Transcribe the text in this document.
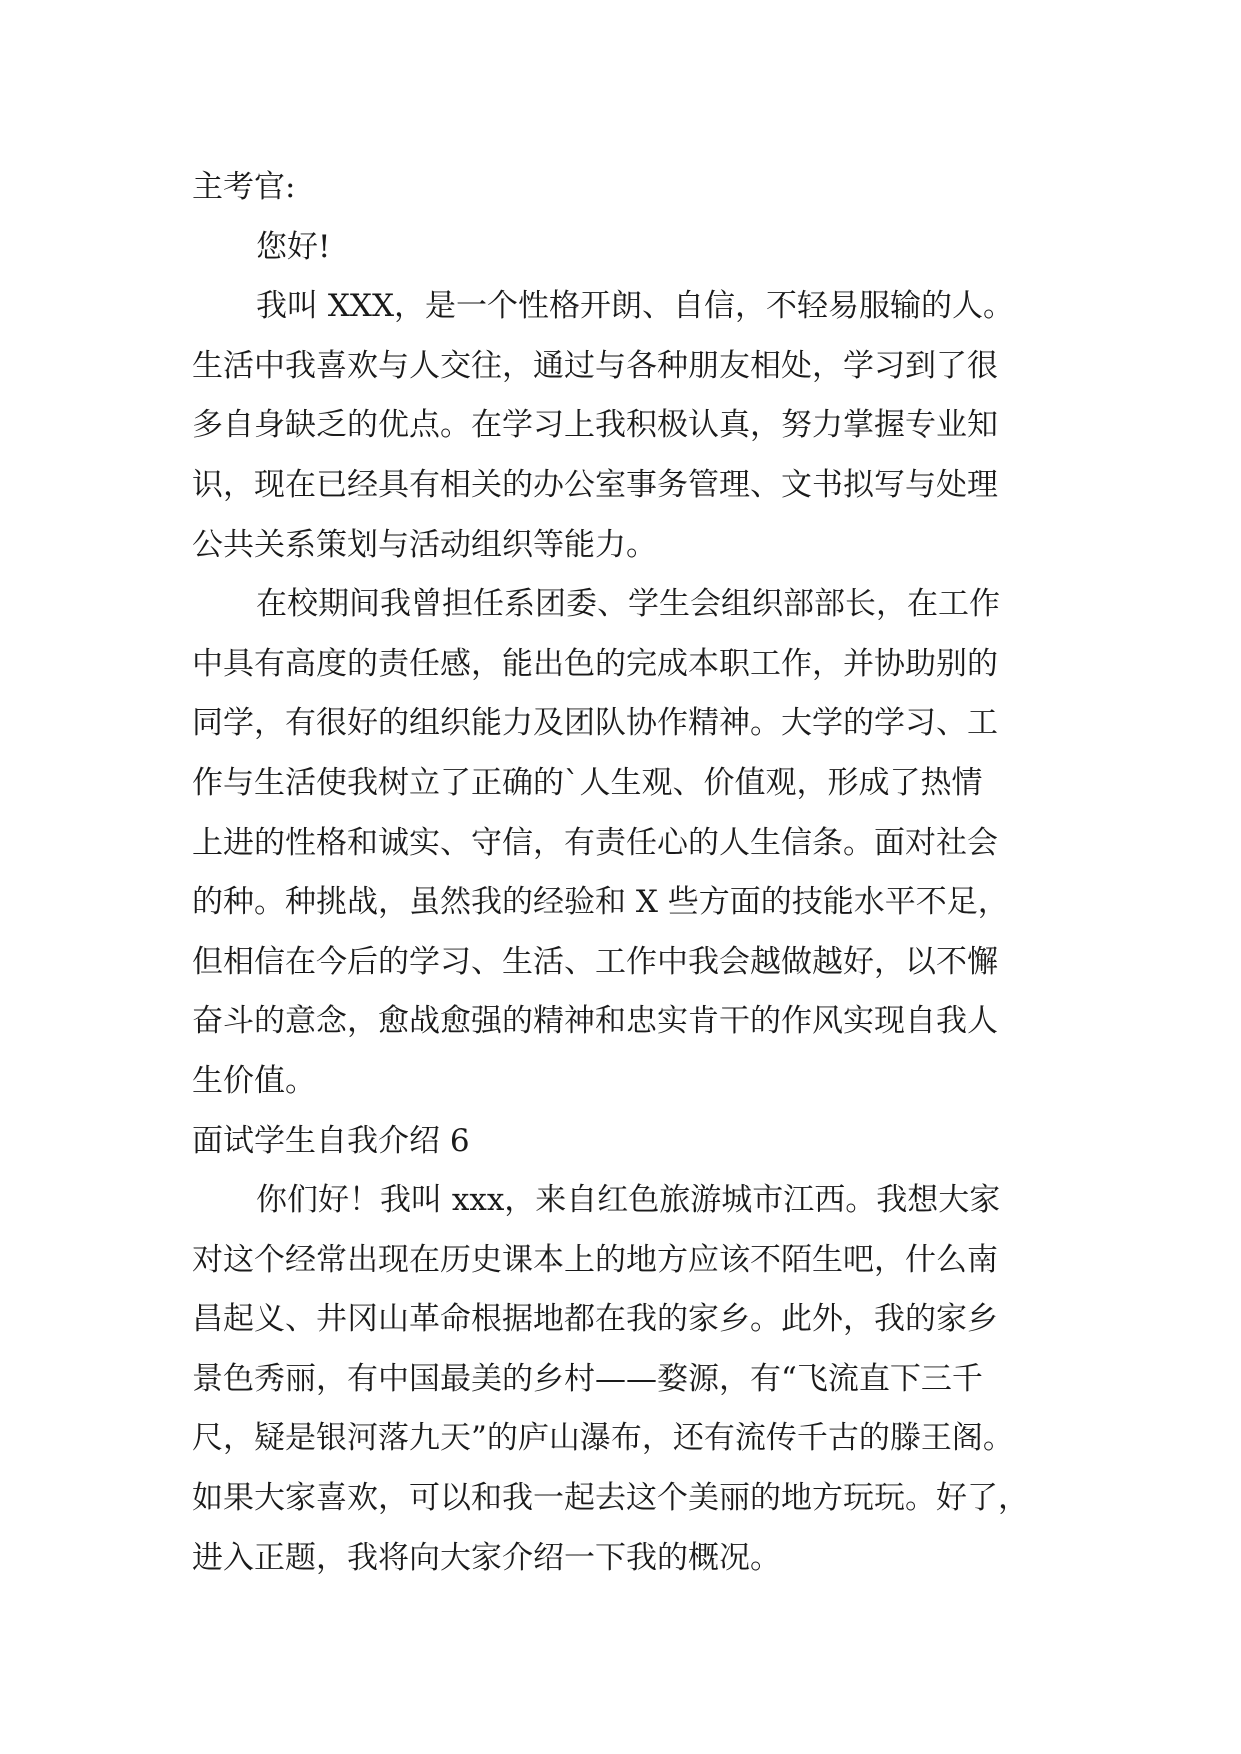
主考官:
您好!
我叫 XXX，是一个性格开朗、自信，不轻易服输的人。
生活中我喜欢与人交往，通过与各种朋友相处，学习到了很
多自身缺乏的优点。在学习上我积极认真，努力掌握专业知
识，现在已经具有相关的办公室事务管理、文书拟写与处理
公共关系策划与活动组织等能力。
在校期间我曾担任系团委、学生会组织部部长，在工作
中具有高度的责任感，能出色的完成本职工作，并协助别的
同学，有很好的组织能力及团队协作精神。大学的学习、工
作与生活使我树立了正确的`人生观、价值观，形成了热情
上进的性格和诚实、守信，有责任心的人生信条。面对社会
的种。种挑战，虽然我的经验和 X 些方面的技能水平不足，
但相信在今后的学习、生活、工作中我会越做越好，以不懈
奋斗的意念，愈战愈强的精神和忠实肯干的作风实现自我人
生价值。
面试学生自我介绍 6
你们好！我叫 xxx，来自红色旅游城市江西。我想大家
对这个经常出现在历史课本上的地方应该不陌生吧，什么南
昌起义、井冈山革命根据地都在我的家乡。此外，我的家乡
景色秀丽，有中国最美的乡村——婺源，有“飞流直下三千
尺，疑是银河落九天”的庐山瀑布，还有流传千古的滕王阁。
如果大家喜欢，可以和我一起去这个美丽的地方玩玩。好了，
进入正题，我将向大家介绍一下我的概况。
